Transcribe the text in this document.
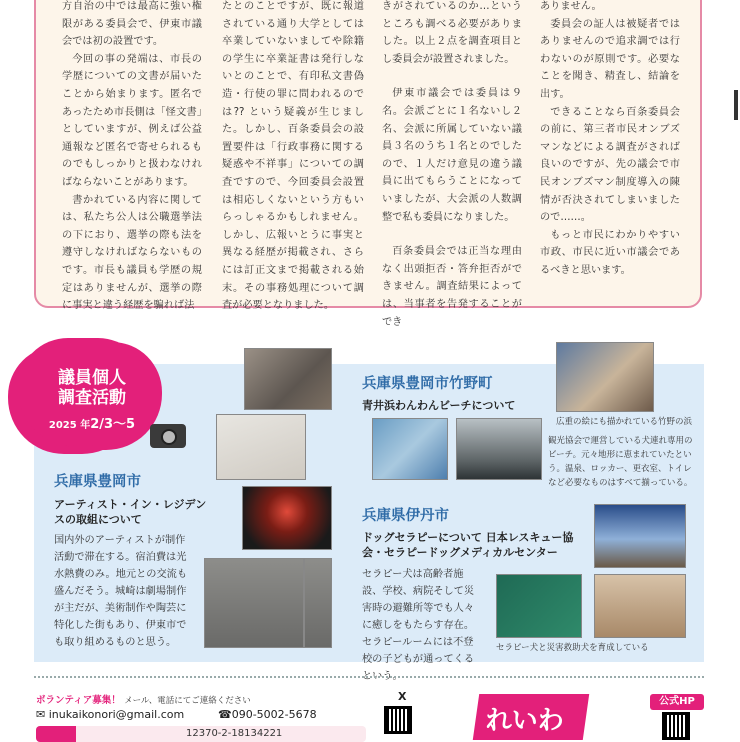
方自治の中では最高に強い権限がある委員会で、伊東市議会では初の設置です。

今回の事の発端は、市長の学歴についての文書が届いたことから始まります。匿名であったため市長側は「怪文書」としていますが、例えば公益通報など匿名で寄せられるものでもしっかりと扱わなければならないことがあります。

書かれている内容に関しては、私たち公人は公職選挙法の下におり、選挙の際も法を遵守しなければならないものです。市長も議員も学歴の規定はありませんが、選挙の際に事実と違う経歴を騙れば法

たとのことですが、既に報道されている通り大学としては卒業していないましてや除籍の学生に卒業証書は発行しないとのことで、有印私文書偽造・行使の罪に問われるのでは?? という疑義が生じました。しかし、百条委員会の設置要件は「行政事務に関する疑惑や不祥事」についての調査ですので、今回委員会設置は相応しくないという方もいらっしゃるかもしれません。しかし、広報いとうに事実と異なる経歴が掲載され、さらには訂正文まで掲載される始末。その事務処理について調査が必要となりました。

きがされているのか…というところも調べる必要がありました。以上２点を調査項目とし委員会が設置されました。

伊東市議会では委員は９名。会派ごとに１名ないし２名、会派に所属していない議員３名のうち１名とのでしたので、１人だけ意見の違う議員に出てもらうことになっていましたが、大会派の人数調整で私も委員になりました。

百条委員会では正当な理由なく出頭拒否・答弁拒否ができません。調査結果によっては、当事者を告発することができ

ありません。

委員会の証人は被疑者ではありませんので追求調では行わないのが原則です。必要なことを聞き、精査し、結論を出す。

できることなら百条委員会の前に、第三者市民オンブズマンなどによる調査がされば良いのですが、先の議会で市民オンブズマン制度導入の陳情が否決されてしまいましたので……。

もっと市民にわかりやすい市政、市民に近い市議会であるべきと思います。

議員個人
調査活動
2025 年2/3〜5
兵庫県豊岡市
アーティスト・イン・レジデンスの取組について
国内外のアーティストが制作活動で滞在する。宿泊費は光水熱費のみ。地元との交流も盛んだそう。城崎は劇場制作が主だが、美術制作や陶芸に特化した街もあり、伊東市でも取り組めるものと思う。
兵庫県豊岡市竹野町
青井浜わんわんビーチについて
広重の絵にも描かれている竹野の浜
観光協会で運営している犬連れ専用のビーチ。元々地形に恵まれていたという。温泉、ロッカー、更衣室、トイレなど必要なものはすべて揃っている。
兵庫県伊丹市
ドッグセラピーについて 日本レスキュー協会・セラピードッグメディカルセンター
セラピー犬は高齢者施設、学校、病院そして災害時の避難所等でも人々に癒しをもたらす存在。セラピールームには不登校の子どもが通ってくるという。
セラピー犬と災害救助犬を育成している
ボランティア募集！ メール、電話にてご連絡ください
✉ inukaikonori@gmail.com	☎090-5002-5678
12370-2-18134221
X
れいわ
公式HP
